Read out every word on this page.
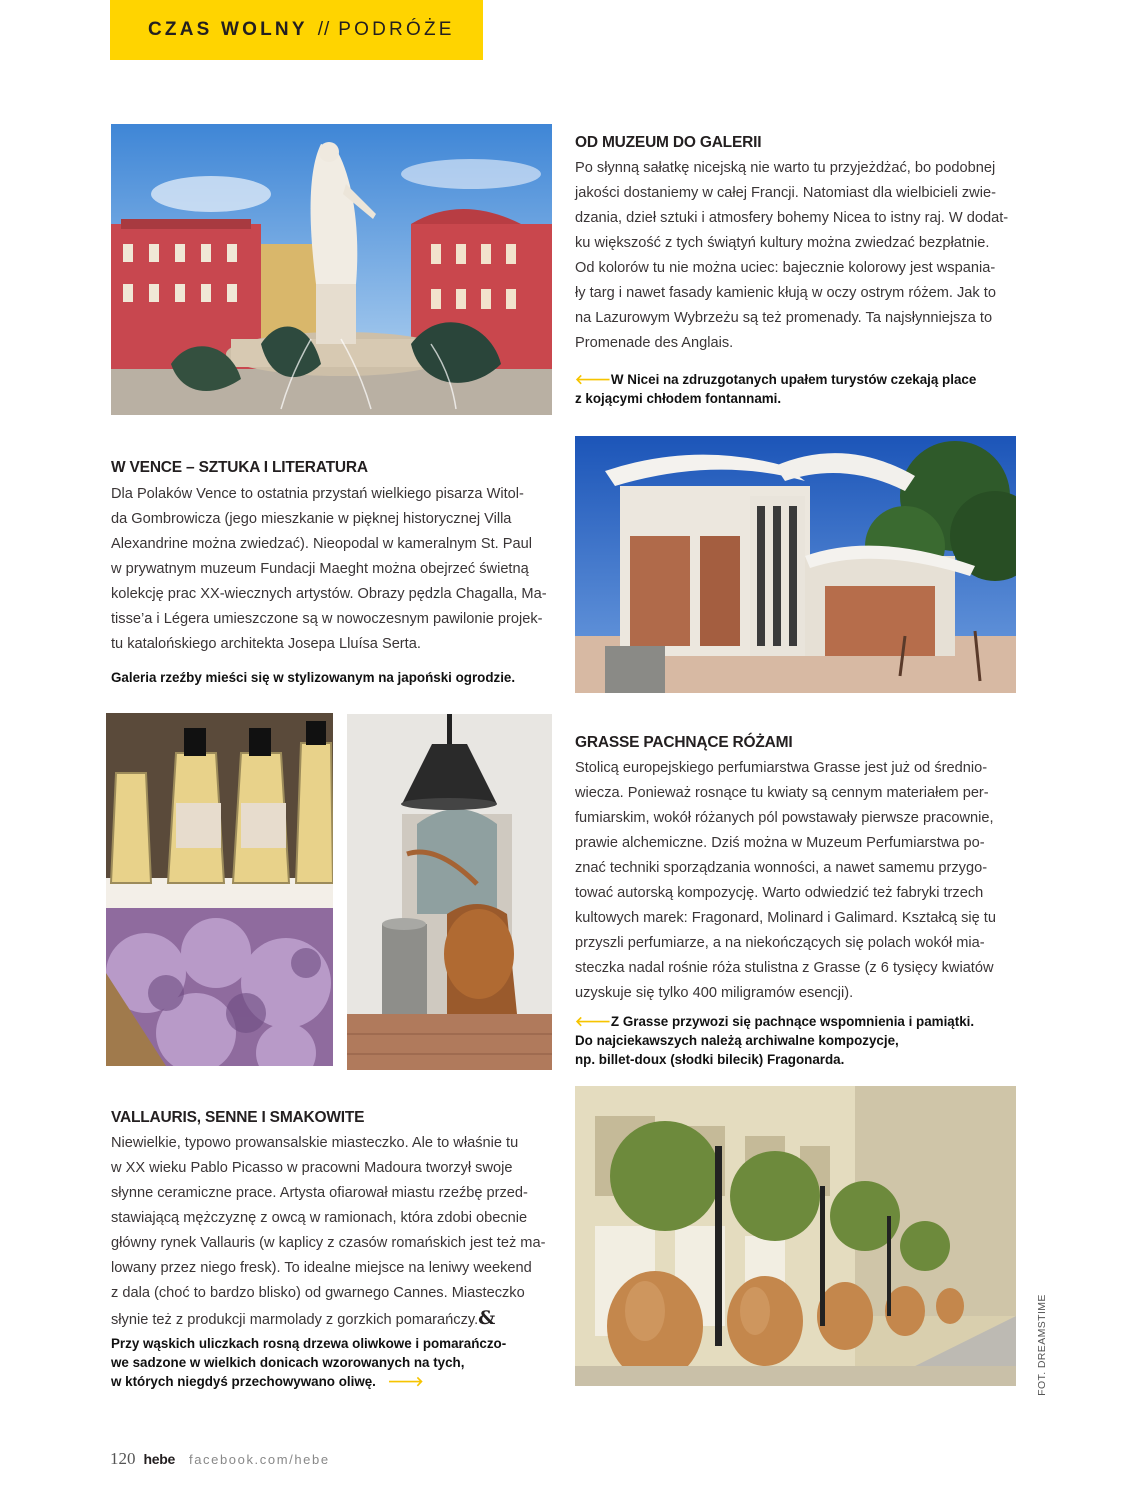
CZAS WOLNY // PODRÓŻE
OD MUZEUM DO GALERII

Po słynną sałatkę nicejską nie warto tu przyjeżdżać, bo podobnej
jakości dostaniemy w całej Francji. Natomiast dla wielbicieli zwie-
dzania, dzieł sztuki i atmosfery bohemy Nicea to istny raj. W dodat-
ku większość z tych świątyń kultury można zwiedzać bezpłatnie.
Od kolorów tu nie można uciec: bajecznie kolorowy jest wspania-
ły targ i nawet fasady kamienic kłują w oczy ostrym różem. Jak to
na Lazurowym Wybrzeżu są też promenady. Ta najsłynniejsza to
Promenade des Anglais.

🡐W Nicei na zdruzgotanych upałem turystów czekają place
z kojącymi chłodem fontannami.

W VENCE – SZTUKA I LITERATURA

Dla Polaków Vence to ostatnia przystań wielkiego pisarza Witol-
da Gombrowicza (jego mieszkanie w pięknej historycznej Villa
Alexandrine można zwiedzać). Nieopodal w kameralnym St. Paul
w prywatnym muzeum Fundacji Maeght można obejrzeć świetną
kolekcję prac XX-wiecznych artystów. Obrazy pędzla Chagalla, Ma-
tisse’a i Légera umieszczone są w nowoczesnym pawilonie projek-
tu katalońskiego architekta Josepa Lluísa Serta.

Galeria rzeźby mieści się w stylizowanym na japoński ogrodzie.

GRASSE PACHNĄCE RÓŻAMI

Stolicą europejskiego perfumiarstwa Grasse jest już od średnio-
wiecza. Ponieważ rosnące tu kwiaty są cennym materiałem per-
fumiarskim, wokół różanych pól powstawały pierwsze pracownie,
prawie alchemiczne. Dziś można w Muzeum Perfumiarstwa po-
znać techniki sporządzania wonności, a nawet samemu przygo-
tować autorską kompozycję. Warto odwiedzić też fabryki trzech
kultowych marek: Fragonard, Molinard i Galimard. Kształcą się tu
przyszli perfumiarze, a na niekończących się polach wokół mia-
steczka nadal rośnie róża stulistna z Grasse (z 6 tysięcy kwiatów
uzyskuje się tylko 400 miligramów esencji).

🡐Z Grasse przywozi się pachnące wspomnienia i pamiątki.
Do najciekawszych należą archiwalne kompozycje,
np. billet-doux (słodki bilecik) Fragonarda.

VALLAURIS, SENNE I SMAKOWITE

Niewielkie, typowo prowansalskie miasteczko. Ale to właśnie tu
w XX wieku Pablo Picasso w pracowni Madoura tworzył swoje
słynne ceramiczne prace. Artysta ofiarował miastu rzeźbę przed-
stawiającą mężczyznę z owcą w ramionach, która zdobi obecnie
główny rynek Vallauris (w kaplicy z czasów romańskich jest też ma-
lowany przez niego fresk). To idealne miejsce na leniwy weekend
z dala (choć to bardzo blisko) od gwarnego Cannes. Miasteczko
słynie też z produkcji marmolady z gorzkich pomarańczy.&

Przy wąskich uliczkach rosną drzewa oliwkowe i pomarańczo-
we sadzone w wielkich donicach wzorowanych na tych,
w których niegdyś przechowywano oliwę. 🡒	FOT. DREAMSTIME
120 hebe facebook.com/hebe
